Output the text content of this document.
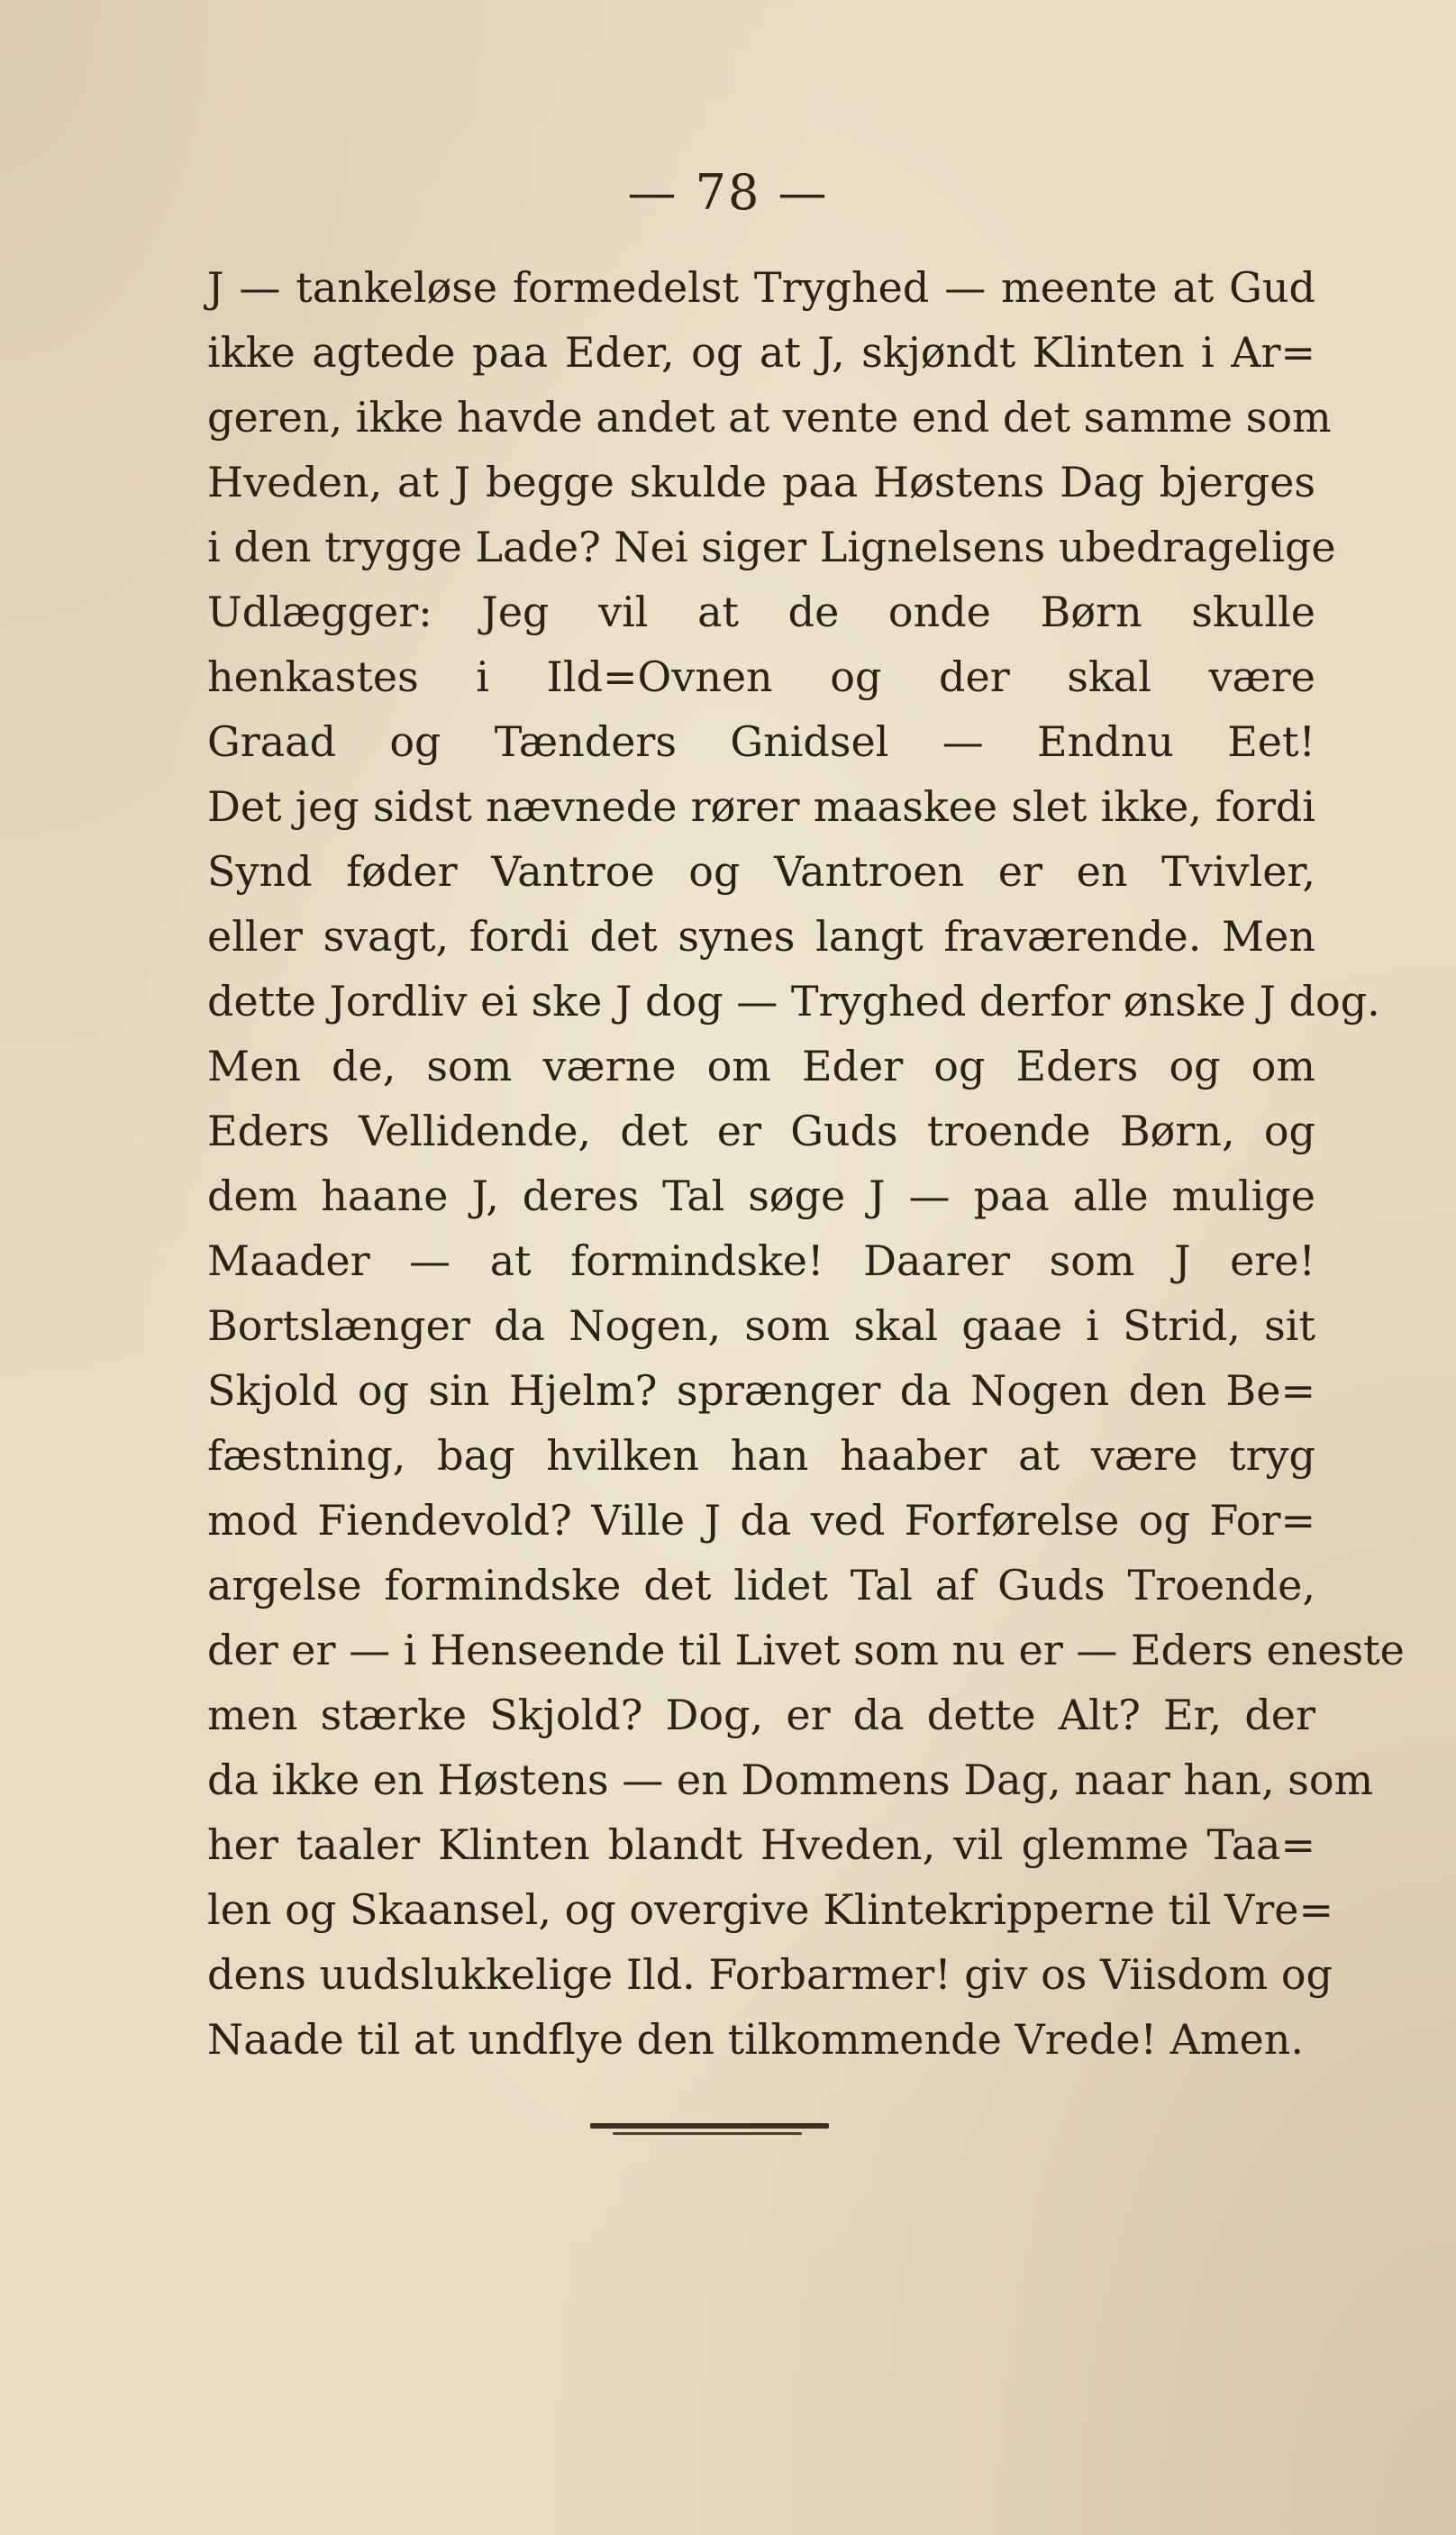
— 78 —
J — tankeløse formedelst Tryghed — meente at Gud
ikke agtede paa Eder, og at J, skjøndt Klinten i Ar=
geren, ikke havde andet at vente end det samme som
Hveden, at J begge skulde paa Høstens Dag bjerges
i den trygge Lade? Nei siger Lignelsens ubedragelige
Udlægger: Jeg vil at de onde Børn skulle
henkastes i Ild=Ovnen og der skal være
Graad og Tænders Gnidsel — Endnu Eet!
Det jeg sidst nævnede rører maaskee slet ikke, fordi
Synd føder Vantroe og Vantroen er en Tvivler,
eller svagt, fordi det synes langt fraværende. Men
dette Jordliv ei ske J dog — Tryghed derfor ønske J dog.
Men de, som værne om Eder og Eders og om
Eders Vellidende, det er Guds troende Børn, og
dem haane J, deres Tal søge J — paa alle mulige
Maader — at formindske! Daarer som J ere!
Bortslænger da Nogen, som skal gaae i Strid, sit
Skjold og sin Hjelm? sprænger da Nogen den Be=
fæstning, bag hvilken han haaber at være tryg
mod Fiendevold? Ville J da ved Forførelse og For=
argelse formindske det lidet Tal af Guds Troende,
der er — i Henseende til Livet som nu er — Eders eneste
men stærke Skjold? Dog, er da dette Alt? Er, der
da ikke en Høstens — en Dommens Dag, naar han, som
her taaler Klinten blandt Hveden, vil glemme Taa=
len og Skaansel, og overgive Klintekripperne til Vre=
dens uudslukkelige Ild. Forbarmer! giv os Viisdom og
Naade til at undflye den tilkommende Vrede! Amen.
